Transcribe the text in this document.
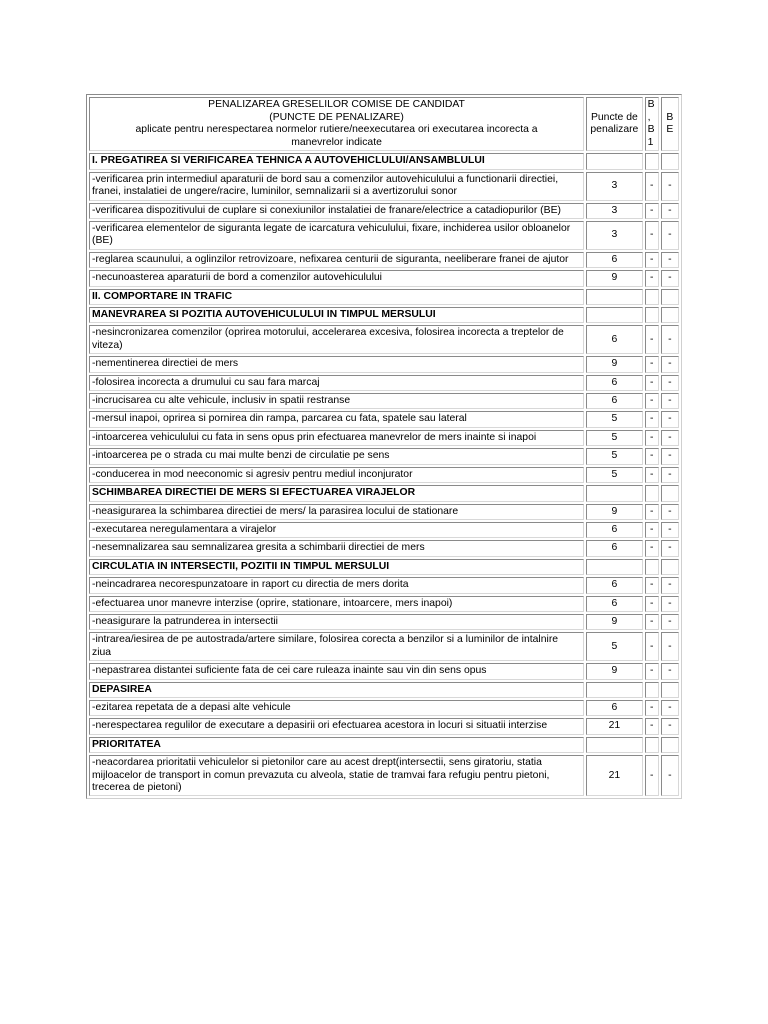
PENALIZAREA GRESELILOR COMISE DE CANDIDAT
(PUNCTE DE PENALIZARE)
aplicate pentru nerespectarea normelor rutiere/neexecutarea ori executarea incorecta a
manevrelor indicate	Puncte de penalizare	B, B1	BE
I. PREGATIREA SI VERIFICAREA TEHNICA A AUTOVEHICLULUI/ANSAMBLULUI			

-verificarea prin intermediul aparaturii de bord sau a comenzilor autovehiculului a functionarii directiei,
franei, instalatiei de ungere/racire, luminilor, semnalizarii si a avertizorului sonor	3	-	-

-verificarea dispozitivului de cuplare si conexiunilor instalatiei de franare/electrice a catadiopurilor (BE)	3	-	-

-verificarea elementelor de siguranta legate de icarcatura vehiculului, fixare, inchiderea usilor obloanelor (BE)	3	-	-

-reglarea scaunului, a oglinzilor retrovizoare, nefixarea centurii de siguranta, neeliberare franei de ajutor	6	-	-

-necunoasterea aparaturii de bord a comenzilor autovehiculului	9	-	-
II. COMPORTARE IN TRAFIC			
MANEVRAREA SI POZITIA AUTOVEHICULULUI IN TIMPUL MERSULUI			

-nesincronizarea comenzilor (oprirea motorului, accelerarea excesiva, folosirea incorecta a treptelor de
viteza)	6	-	-

-nementinerea directiei de mers	9	-	-

-folosirea incorecta a drumului cu sau fara marcaj	6	-	-

-incrucisarea cu alte vehicule, inclusiv in spatii restranse	6	-	-

-mersul inapoi, oprirea si pornirea din rampa, parcarea cu fata, spatele sau lateral	5	-	-

-intoarcerea vehiculului cu fata in sens opus prin efectuarea manevrelor de mers inainte si inapoi	5	-	-

-intoarcerea pe o strada cu mai multe benzi de circulatie pe sens	5	-	-

-conducerea in mod neeconomic si agresiv pentru mediul inconjurator	5	-	-
SCHIMBAREA DIRECTIEI DE MERS SI EFECTUAREA VIRAJELOR			

-neasigurarea la schimbarea directiei de mers/ la parasirea locului de stationare	9	-	-

-executarea neregulamentara a virajelor	6	-	-

-nesemnalizarea sau semnalizarea gresita a schimbarii directiei de mers	6	-	-
CIRCULATIA IN INTERSECTII, POZITII IN TIMPUL MERSULUI			

-neincadrarea necorespunzatoare in raport cu directia de mers dorita	6	-	-

-efectuarea unor manevre interzise (oprire, stationare, intoarcere, mers inapoi)	6	-	-

-neasigurare la patrunderea in intersectii	9	-	-

-intrarea/iesirea de pe autostrada/artere similare, folosirea corecta a benzilor si a luminilor de intalnire
ziua	5	-	-

-nepastrarea distantei suficiente fata de cei care ruleaza inainte sau vin din sens opus	9	-	-
DEPASIREA			

-ezitarea repetata de a depasi alte vehicule	6	-	-

-nerespectarea regulilor de executare a depasirii ori efectuarea acestora in locuri si situatii interzise	21	-	-
PRIORITATEA			

-neacordarea prioritatii vehiculelor si pietonilor care au acest drept(intersectii, sens giratoriu, statia mijloacelor de transport in comun prevazuta cu alveola, statie de tramvai fara refugiu pentru pietoni,
trecerea de pietoni)	21	-	-
